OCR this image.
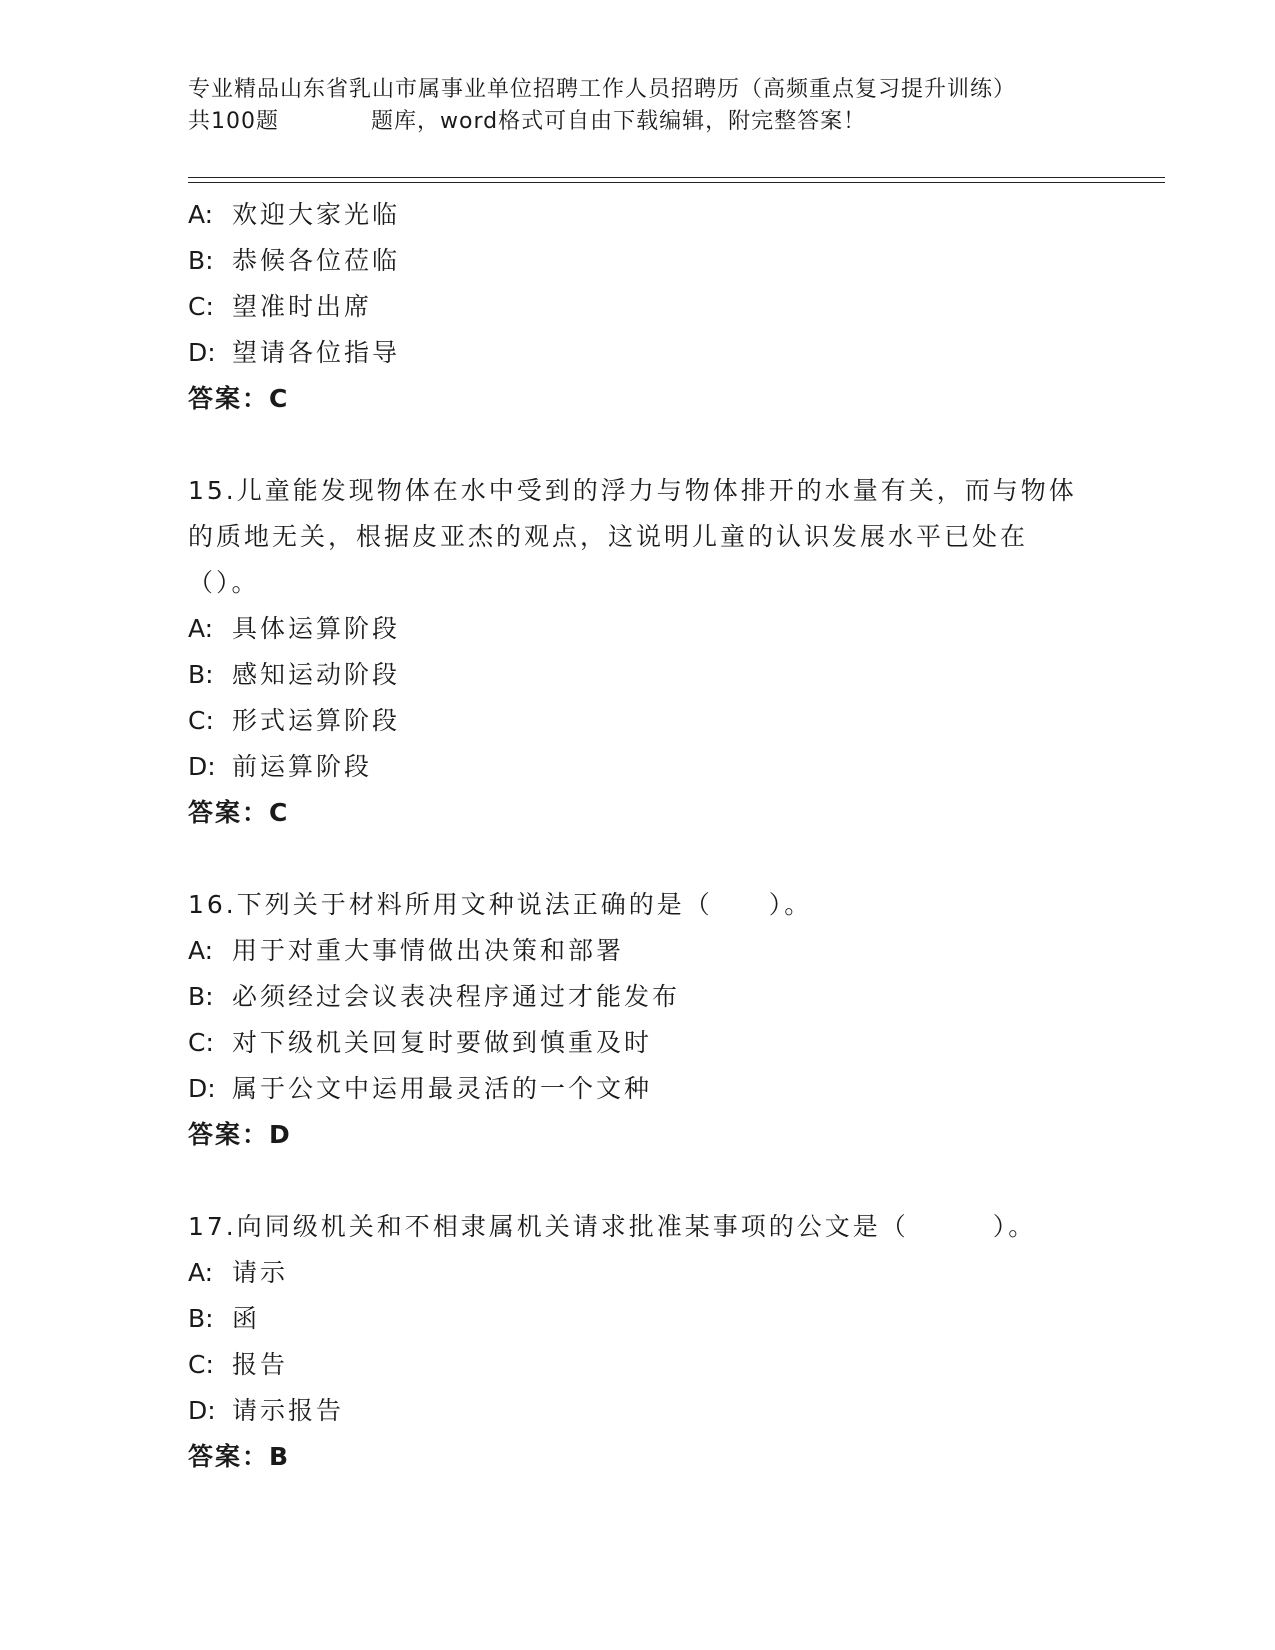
专业精品山东省乳山市属事业单位招聘工作人员招聘历（高频重点复习提升训练）
共100题	题库，word格式可自由下载编辑，附完整答案！
A: 欢迎大家光临
B: 恭候各位莅临
C: 望准时出席
D: 望请各位指导
答案：C
15.儿童能发现物体在水中受到的浮力与物体排开的水量有关，而与物体的质地无关，根据皮亚杰的观点，这说明儿童的认识发展水平已处在（）。
A: 具体运算阶段
B: 感知运动阶段
C: 形式运算阶段
D: 前运算阶段
答案：C
16.下列关于材料所用文种说法正确的是（　　）。
A: 用于对重大事情做出决策和部署
B: 必须经过会议表决程序通过才能发布
C: 对下级机关回复时要做到慎重及时
D: 属于公文中运用最灵活的一个文种
答案：D
17.向同级机关和不相隶属机关请求批准某事项的公文是（　　　）。
A: 请示
B: 函
C: 报告
D: 请示报告
答案：B
